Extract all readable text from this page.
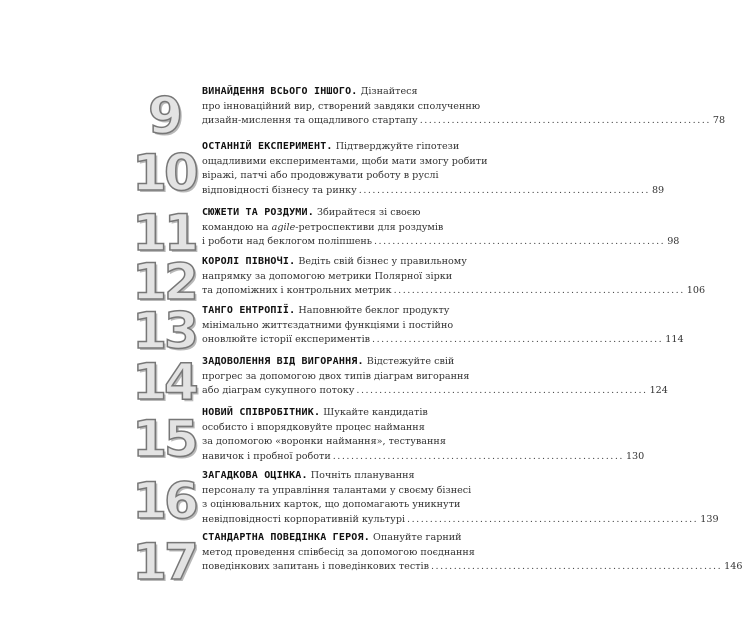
9	ВИНАЙДЕННЯ ВСЬОГО ІНШОГО. Дізнайтеся
про інноваційний вир, створений завдяки сполученню
дизайн-мислення та ощадливого стартапу ................................................................ 78
10 ОСТАННІЙ ЕКСПЕРИМЕНТ. Підтверджуйте гіпотези
ощадливими експериментами, щоби мати змогу робити
віражі, патчі або продовжувати роботу в руслі
відповідності бізнесу та ринку ................................................................ 89
11 СЮЖЕТИ ТА РОЗДУМИ. Збирайтеся зі своєю
командою на agile-ретроспективи для роздумів
і роботи над беклогом поліпшень ................................................................ 98
12 КОРОЛІ ПІВНОЧІ. Ведіть свій бізнес у правильному
напрямку за допомогою метрики Полярної зірки
та допоміжних і контрольних метрик ................................................................ 106
13 ТАНГО ЕНТРОПІЇ. Наповнюйте беклог продукту
мінімально життєздатними функціями і постійно
оновлюйте історії експериментів ................................................................ 114
14 ЗАДОВОЛЕННЯ ВІД ВИГОРАННЯ. Відстежуйте свій
прогрес за допомогою двох типів діаграм вигорання
або діаграм сукупного потоку ................................................................ 124
15 НОВИЙ СПІВРОБІТНИК. Шукайте кандидатів
особисто і впорядковуйте процес наймання
за допомогою «воронки наймання», тестування
навичок і пробної роботи ................................................................ 130
16 ЗАГАДКОВА ОЦІНКА. Почніть планування
персоналу та управління талантами у своєму бізнесі
з оцінювальних карток, що допомагають уникнути
невідповідності корпоративній культурі ................................................................ 139
17 СТАНДАРТНА ПОВЕДІНКА ГЕРОЯ. Опануйте гарний
метод проведення співбесід за допомогою поєднання
поведінкових запитань і поведінкових тестів ................................................................ 146
